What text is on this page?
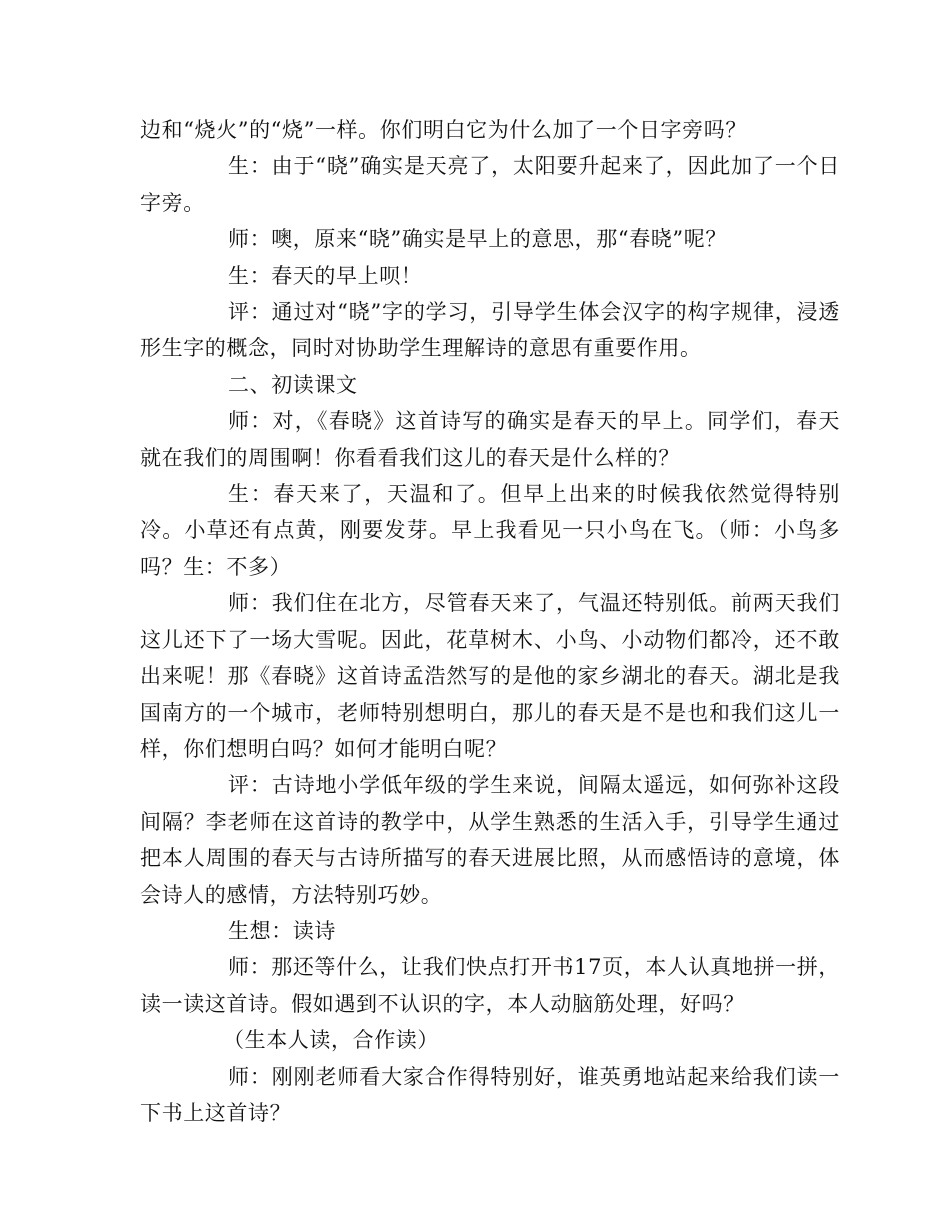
边和“烧火”的“烧”一样。你们明白它为什么加了一个日字旁吗？

生：由于“晓”确实是天亮了，太阳要升起来了，因此加了一个日字旁。

师：噢，原来“晓”确实是早上的意思，那“春晓”呢？

生：春天的早上呗！

评：通过对“晓”字的学习，引导学生体会汉字的构字规律，浸透形生字的概念，同时对协助学生理解诗的意思有重要作用。

二、初读课文

师：对，《春晓》这首诗写的确实是春天的早上。同学们，春天就在我们的周围啊！你看看我们这儿的春天是什么样的？

生：春天来了，天温和了。但早上出来的时候我依然觉得特别冷。小草还有点黄，刚要发芽。早上我看见一只小鸟在飞。（师：小鸟多吗？生：不多）

师：我们住在北方，尽管春天来了，气温还特别低。前两天我们这儿还下了一场大雪呢。因此，花草树木、小鸟、小动物们都冷，还不敢出来呢！那《春晓》这首诗孟浩然写的是他的家乡湖北的春天。湖北是我国南方的一个城市，老师特别想明白，那儿的春天是不是也和我们这儿一样，你们想明白吗？如何才能明白呢？

评：古诗地小学低年级的学生来说，间隔太遥远，如何弥补这段间隔？李老师在这首诗的教学中，从学生熟悉的生活入手，引导学生通过把本人周围的春天与古诗所描写的春天进展比照，从而感悟诗的意境，体会诗人的感情，方法特别巧妙。

生想：读诗

师：那还等什么，让我们快点打开书17页，本人认真地拼一拼，读一读这首诗。假如遇到不认识的字，本人动脑筋处理，好吗？

（生本人读，合作读）

师：刚刚老师看大家合作得特别好，谁英勇地站起来给我们读一下书上这首诗？
